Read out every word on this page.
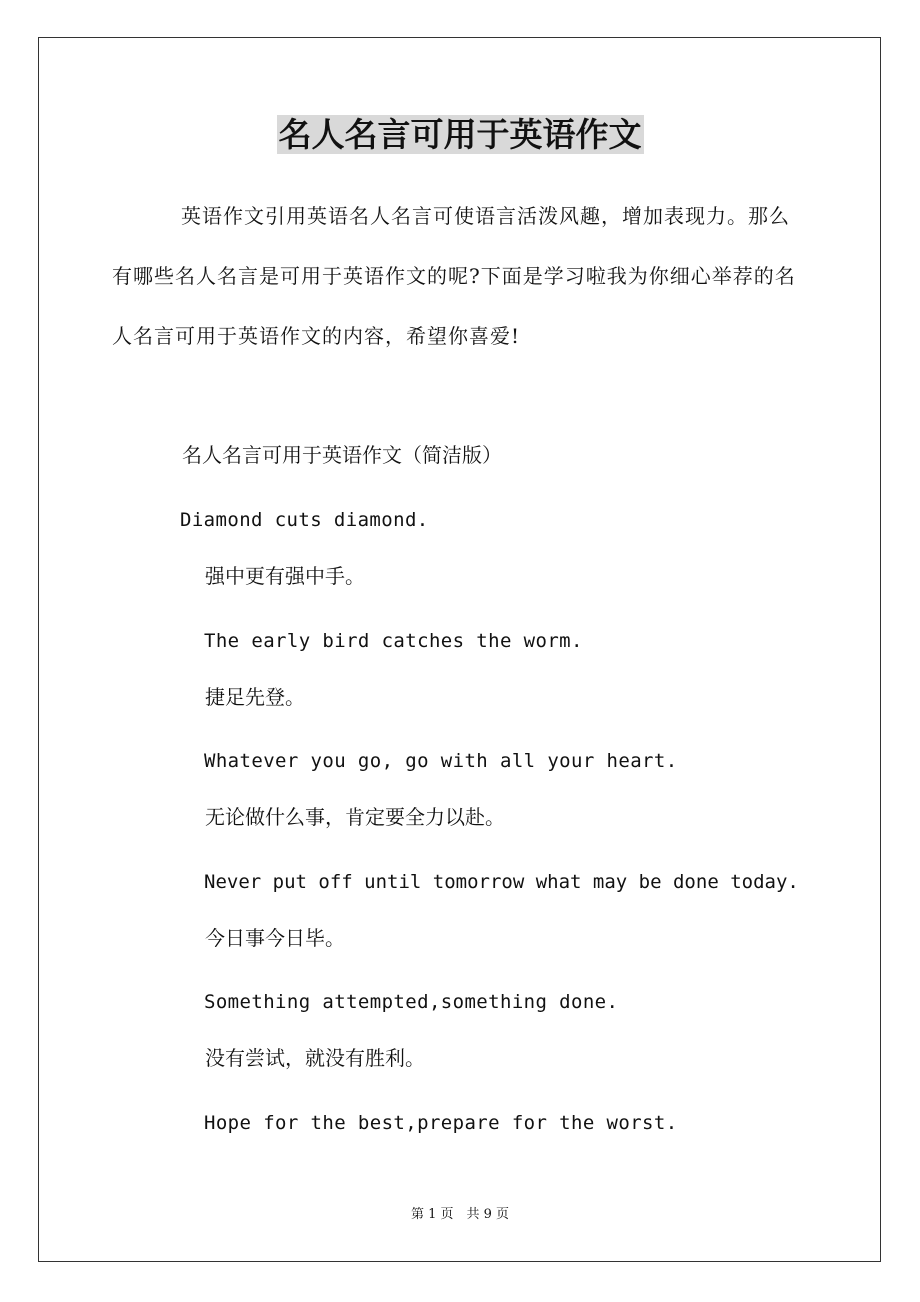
名人名言可用于英语作文
英语作文引用英语名人名言可使语言活泼风趣，增加表现力。那么有哪些名人名言是可用于英语作文的呢?下面是学习啦我为你细心举荐的名人名言可用于英语作文的内容，希望你喜爱!
名人名言可用于英语作文（简洁版）
Diamond cuts diamond.
强中更有强中手。
The early bird catches the worm.
捷足先登。
Whatever you go, go with all your heart.
无论做什么事，肯定要全力以赴。
Never put off until tomorrow what may be done today.
今日事今日毕。
Something attempted,something done.
没有尝试，就没有胜利。
Hope for the best,prepare for the worst.
第 1 页　共 9 页
